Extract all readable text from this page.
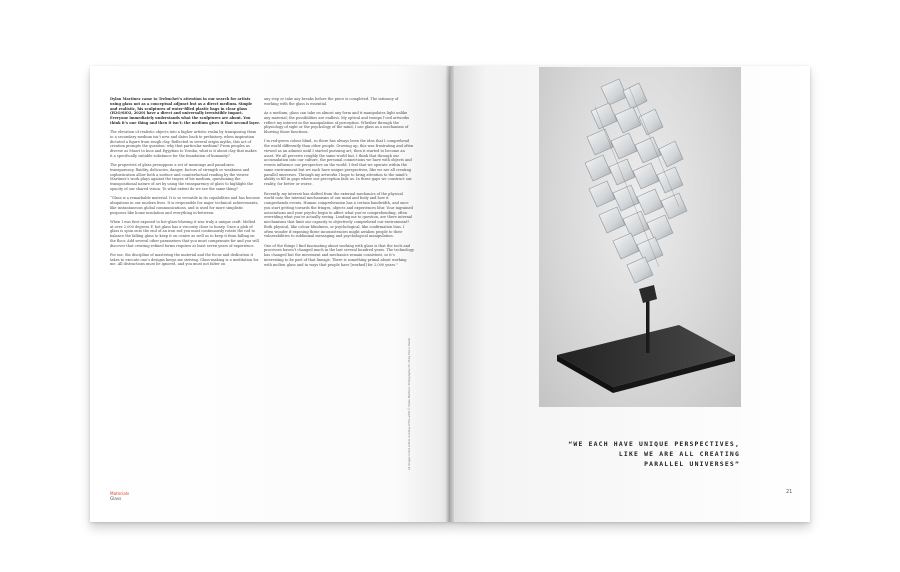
Dylan Martinez came to Trebuchet’s attention in our search for artists using glass not as a conceptual adjunct but as a direct medium. Simple and realistic, his sculptures of water-filled plastic bags in clear glass (H2O/SiO2, 2020) have a direct and universally irresistible impact. Everyone immediately understands what the sculptures are about. You think it’s one thing and then it isn’t; the medium gives it that second layer.

The elevation of realistic objects into a higher artistic realm by transposing them to a secondary medium isn’t new and dates back to prehistory, when inspiration dictated a figure from rough clay. Reflected in several origin myths, this act of creation prompts the question: why that particular medium? From peoples as diverse as Maori to Inca and Egyptian to Yoruba, what is it about clay that makes it a specifically suitable substance for the foundation of humanity?

The properties of glass presuppose a set of meanings and paradoxes: transparency, fluidity, delicacies, danger, factors of strength or weakness and sophistication allow both a surface and counterfactual reading by the viewer. Martinez’s work plays against the tropes of his medium, questioning the transpositional nature of art by using the transparency of glass to highlight the opacity of our shared vision. To what extent do we see the same thing?

“Glass is a remarkable material. It is so versatile in its capabilities and has become ubiquitous in our modern lives. It is responsible for major technical achievements, like instantaneous global communications, and is used for more simplistic purposes like home insulation and everything in-between.

When I was first exposed to hot-glass-blowing it was truly a unique craft. Melted at over 2,000 degrees F, hot glass has a viscosity close to honey. Once a glob of glass is spun onto the end of an iron rod you must continuously rotate the rod to balance the falling glass to keep it on centre as well as to keep it from falling on the floor. Add several other parameters that you must compensate for and you will discover that creating refined forms requires at least seven years of experience.

For me, the discipline of mastering the material and the focus and dedication it takes to execute one’s designs keeps me striving. Glass-making is a meditation for me. All distractions must be ignored, and you must not falter on

any step or take any breaks before the piece is completed. The intimacy of working with the glass is essential.

As a medium, glass can take on almost any form and it manipulates light unlike any material; the possibilities are endless. My optical and trompe l’oeil artworks reflect my interest in the manipulation of perception. Whether through the physiology of sight or the psychology of the mind, I use glass as a mechanism of blurring those functions.

I’m red-green colour blind, so there has always been the idea that I comprehend the world differently than other people. Growing up, this was frustrating and often viewed as an ailment until I started pursuing art; then it started to become an asset. We all perceive roughly the same world but, I think that through our accumulation into our culture, the personal connections we have with objects and events influence our perspective on the world. I feel that we operate within the same environment but we each have unique perspectives, like we are all creating parallel universes. Through my artworks I hope to bring attention to the mind’s ability to fill in gaps where our perception fails us. In these gaps we construct our reality, for better or worse.

Recently, my interest has shifted from the external mechanics of the physical world onto the internal mechanisms of our mind and body and how it comprehends events. Human comprehension has a certain bandwidth, and once you start getting towards the fringes, objects and experiences blur. Your ingrained associations and your psyche begin to affect what you’re comprehending, often overriding what you’re actually seeing. Leading me to question, are there internal mechanisms that limit our capacity to objectively comprehend our environment? Both physical, like colour blindness, or psychological, like confirmation bias. I often wonder if exposing these inconsistencies might awaken people to their vulnerabilities to subliminal messaging and psychological manipulation.

One of the things I find fascinating about working with glass is that the tools and processes haven’t changed much in the last several hundred years. The technology has changed but the movement and mechanics remain consistent, so it’s interesting to be part of that lineage. There is something primal about working with molten glass and in ways that people have [worked] for 2,000 years.”

Materials
Glass
All images in this article courtesy of the artist © Dylan Martinez. Photography: Pic 2b by Pierce Studio	“WE EACH HAVE UNIQUE PERSPECTIVES,
LIKE WE ARE ALL CREATING
PARALLEL UNIVERSES”
21
